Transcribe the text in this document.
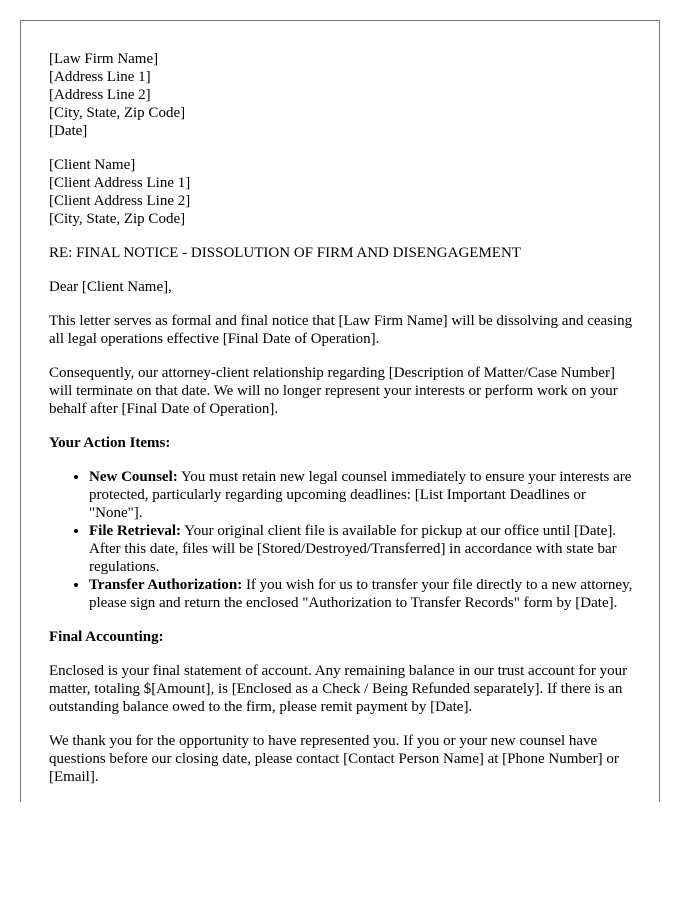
[Law Firm Name]
[Address Line 1]
[Address Line 2]
[City, State, Zip Code]
[Date]
[Client Name]
[Client Address Line 1]
[Client Address Line 2]
[City, State, Zip Code]

RE: FINAL NOTICE - DISSOLUTION OF FIRM AND DISENGAGEMENT

Dear [Client Name],

This letter serves as formal and final notice that [Law Firm Name] will be dissolving and ceasing all legal operations effective [Final Date of Operation].

Consequently, our attorney-client relationship regarding [Description of Matter/Case Number] will terminate on that date. We will no longer represent your interests or perform work on your behalf after [Final Date of Operation].

Your Action Items:

• New Counsel: You must retain new legal counsel immediately to ensure your interests are protected, particularly regarding upcoming deadlines: [List Important Deadlines or "None"].
• File Retrieval: Your original client file is available for pickup at our office until [Date]. After this date, files will be [Stored/Destroyed/Transferred] in accordance with state bar regulations.
• Transfer Authorization: If you wish for us to transfer your file directly to a new attorney, please sign and return the enclosed "Authorization to Transfer Records" form by [Date].

Final Accounting:

Enclosed is your final statement of account. Any remaining balance in our trust account for your matter, totaling $[Amount], is [Enclosed as a Check / Being Refunded separately]. If there is an outstanding balance owed to the firm, please remit payment by [Date].

We thank you for the opportunity to have represented you. If you or your new counsel have questions before our closing date, please contact [Contact Person Name] at [Phone Number] or [Email].
